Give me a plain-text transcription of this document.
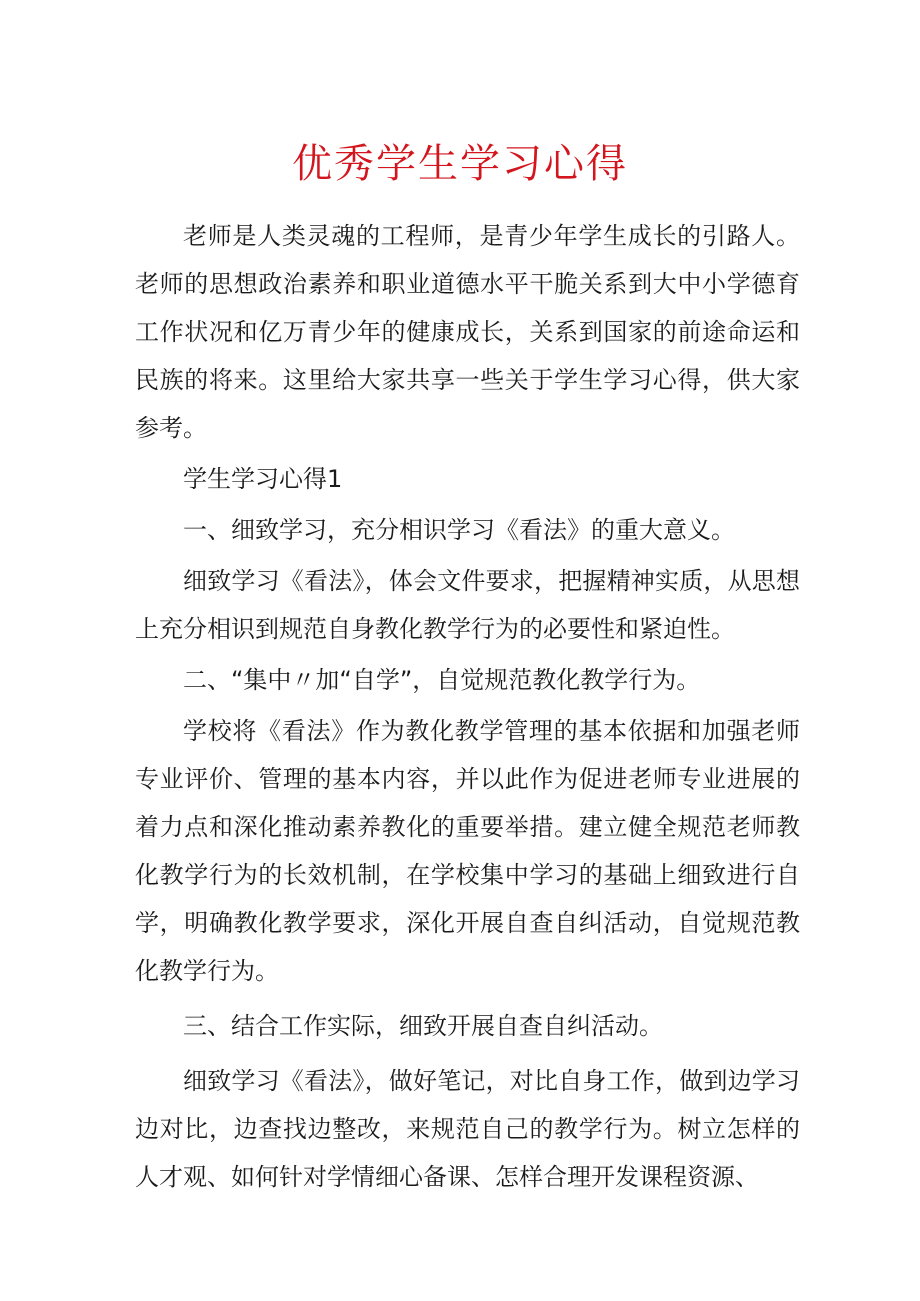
优秀学生学习心得

老师是人类灵魂的工程师，是青少年学生成长的引路人。老师的思想政治素养和职业道德水平干脆关系到大中小学德育工作状况和亿万青少年的健康成长，关系到国家的前途命运和民族的将来。这里给大家共享一些关于学生学习心得，供大家参考。

学生学习心得1

一、细致学习，充分相识学习《看法》的重大意义。

细致学习《看法》，体会文件要求，把握精神实质，从思想上充分相识到规范自身教化教学行为的必要性和紧迫性。

二、“集中〃加“自学”，自觉规范教化教学行为。

学校将《看法》作为教化教学管理的基本依据和加强老师专业评价、管理的基本内容，并以此作为促进老师专业进展的着力点和深化推动素养教化的重要举措。建立健全规范老师教化教学行为的长效机制，在学校集中学习的基础上细致进行自学，明确教化教学要求，深化开展自查自纠活动，自觉规范教化教学行为。

三、结合工作实际，细致开展自查自纠活动。

细致学习《看法》，做好笔记，对比自身工作，做到边学习边对比，边查找边整改，来规范自己的教学行为。树立怎样的人才观、如何针对学情细心备课、怎样合理开发课程资源、
